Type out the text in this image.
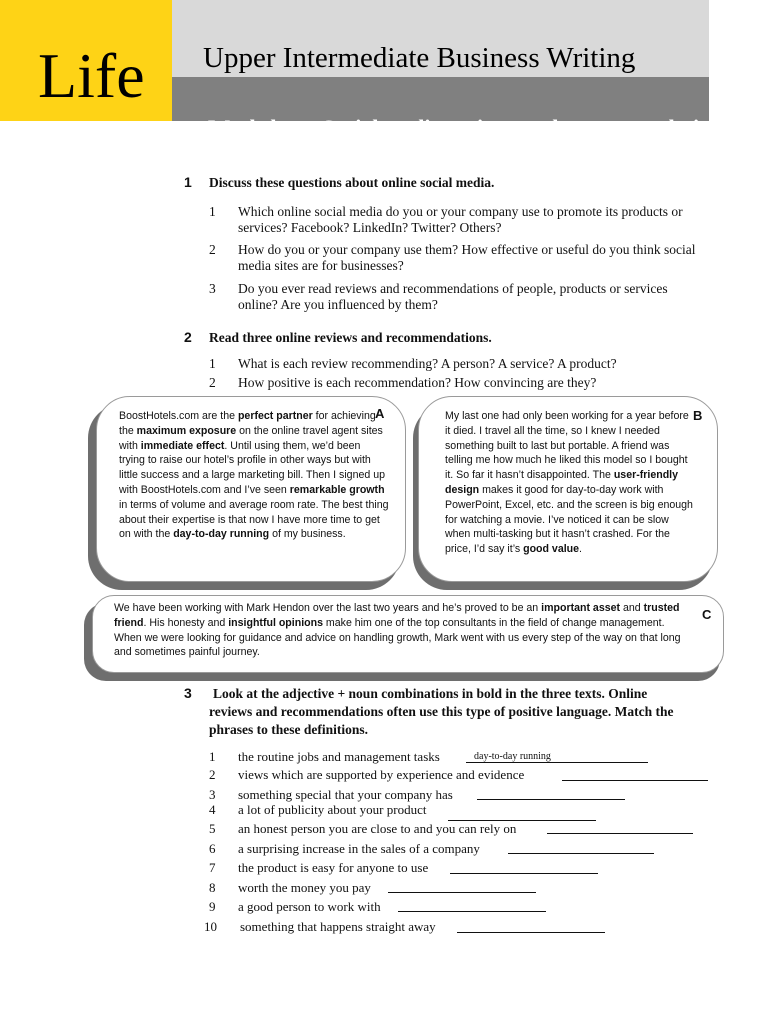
Life
Worksheet: Social media reviews and recommendations
Upper Intermediate Business Writing
1 Discuss these questions about online social media.
1 Which online social media do you or your company use to promote its products or services? Facebook? LinkedIn? Twitter? Others?
2 How do you or your company use them? How effective or useful do you think social media sites are for businesses?
3 Do you ever read reviews and recommendations of people, products or services online? Are you influenced by them?
2 Read three online reviews and recommendations.
1 What is each review recommending? A person? A service? A product?
2 How positive is each recommendation? How convincing are they?
BoostHotels.com are the perfect partner for achieving the maximum exposure on the online travel agent sites with immediate effect. Until using them, we’d been trying to raise our hotel’s profile in other ways but with little success and a large marketing bill. Then I signed up with BoostHotels.com and I’ve seen remarkable growth in terms of volume and average room rate. The best thing about their expertise is that now I have more time to get on with the day-to-day running of my business.
A	My last one had only been working for a year before it died. I travel all the time, so I knew I needed something built to last but portable. A friend was telling me how much he liked this model so I bought it. So far it hasn’t disappointed. The user-friendly design makes it good for day-to-day work with PowerPoint, Excel, etc. and the screen is big enough for watching a movie. I’ve noticed it can be slow when multi-tasking but it hasn’t crashed. For the price, I’d say it’s good value.
B
We have been working with Mark Hendon over the last two years and he’s proved to be an important asset and trusted friend. His honesty and insightful opinions make him one of the top consultants in the field of change management. When we were looking for guidance and advice on handling growth, Mark went with us every step of the way on that long and sometimes painful journey.
C
3 Look at the adjective + noun combinations in bold in the three texts. Online
reviews and recommendations often use this type of positive language. Match the
phrases to these definitions.
1 the routine jobs and management tasks	day-to-day running
2 views which are supported by experience and evidence
3 something special that your company has
4 a lot of publicity about your product
5 an honest person you are close to and you can rely on
6 a surprising increase in the sales of a company
7 the product is easy for anyone to use
8 worth the money you pay
9 a good person to work with
10 something that happens straight away
